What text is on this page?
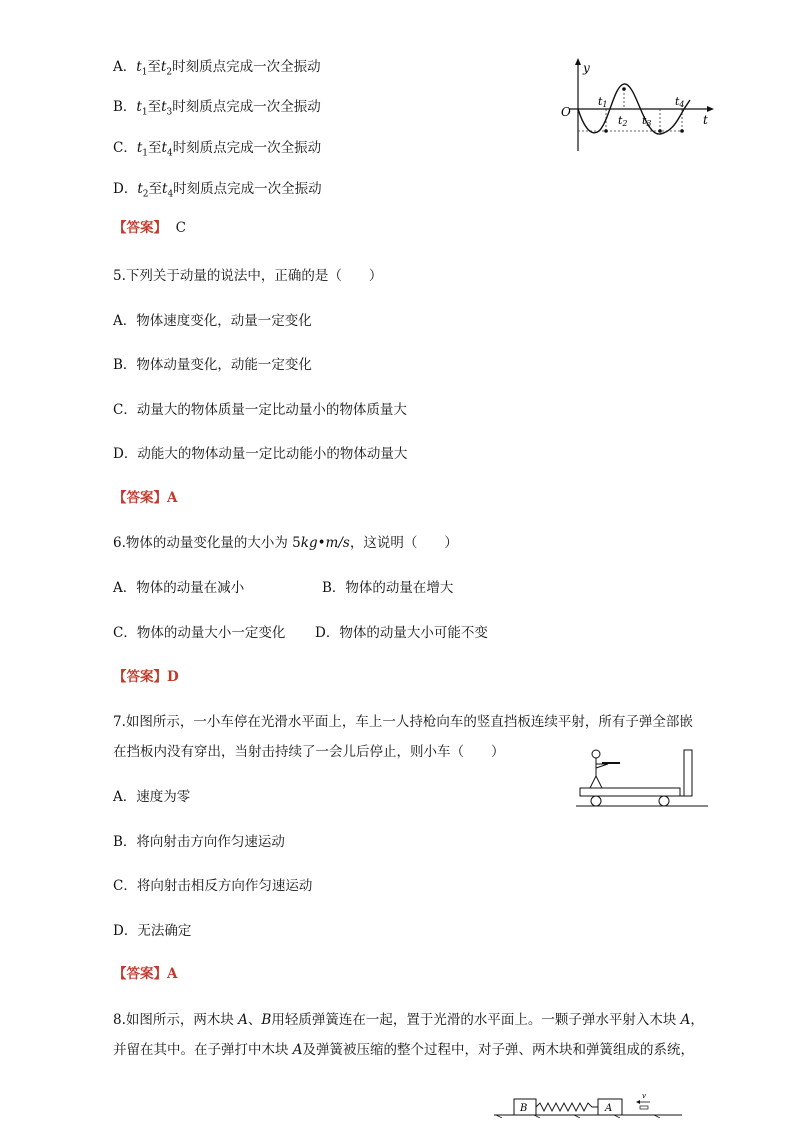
A．$t_1$至$t_2$时刻质点完成一次全振动
B．$t_1$至$t_3$时刻质点完成一次全振动
C．$t_1$至$t_4$时刻质点完成一次全振动
D．$t_2$至$t_4$时刻质点完成一次全振动
【答案】 C
y
t
O
t1
t2 t3
t4
5.下列关于动量的说法中，正确的是（　　）
A．物体速度变化，动量一定变化
B．物体动量变化，动能一定变化
C．动量大的物体质量一定比动量小的物体质量大
D．动能大的物体动量一定比动能小的物体动量大
【答案】A
6.物体的动量变化量的大小为 5kg•m/s，这说明（　　）
A．物体的动量在减小	B．物体的动量在增大
C．物体的动量大小一定变化 D．物体的动量大小可能不变
【答案】D
7.如图所示，一小车停在光滑水平面上，车上一人持枪向车的竖直挡板连续平射，所有子弹全部嵌
在挡板内没有穿出，当射击持续了一会儿后停止，则小车（　　）
A．速度为零
B．将向射击方向作匀速运动
C．将向射击相反方向作匀速运动
D．无法确定
【答案】A
8.如图所示，两木块 A、B用轻质弹簧连在一起，置于光滑的水平面上。一颗子弹水平射入木块 A，
并留在其中。在子弹打中木块 A及弹簧被压缩的整个过程中，对子弹、两木块和弹簧组成的系统，
B	A
v
